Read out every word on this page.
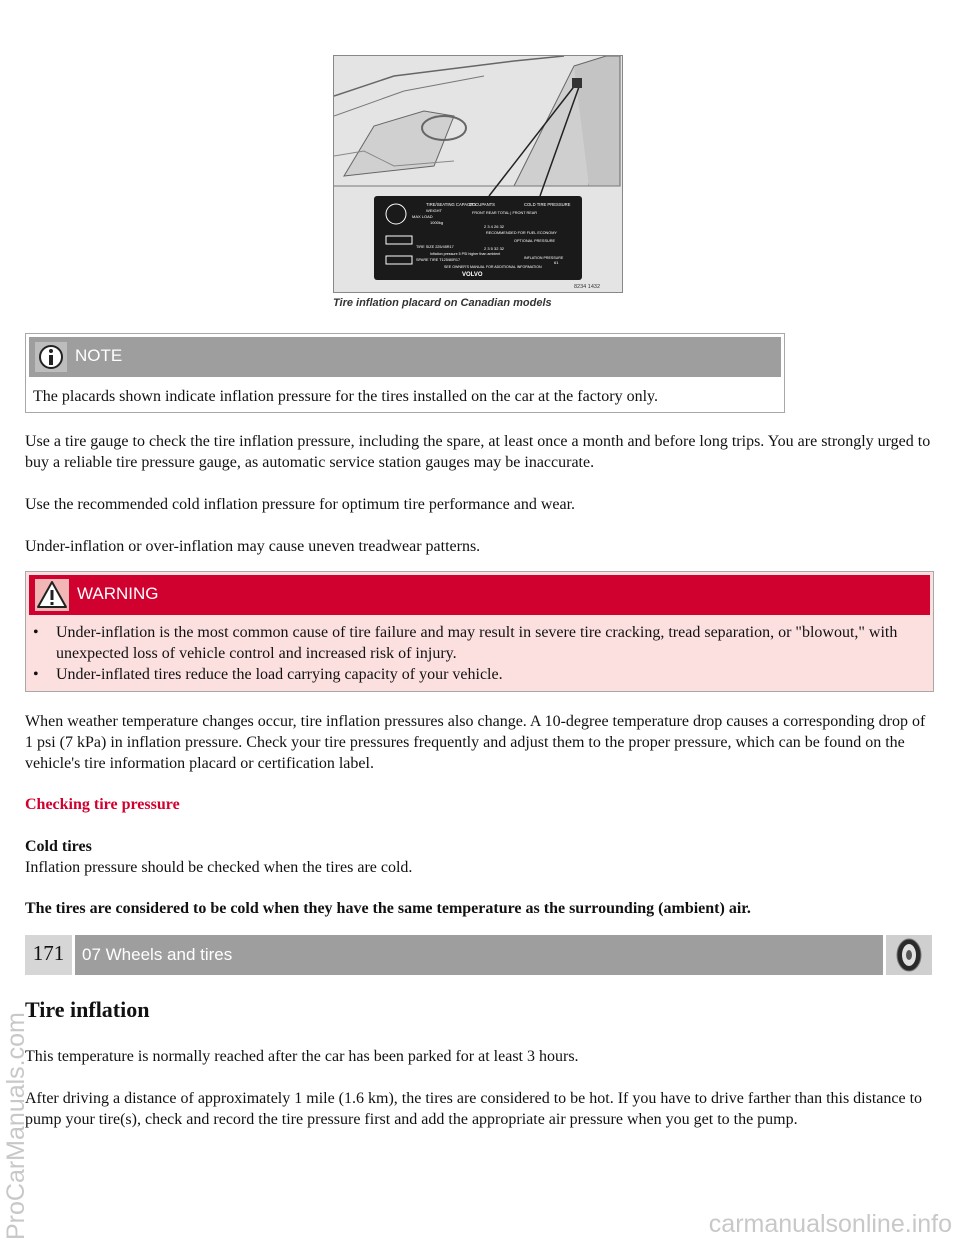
TIRE/SEATING CAPACITY
OCCUPANTS	COLD TIRE PRESSURE
WEIGHT
MAX LOAD
1000kg
FRONT REAR TOTAL | FRONT REAR
2 3 4 26 32
RECOMMENDED FOR FUEL ECONOMY
OPTIONAL PRESSURE
TIRE SIZE 225/45R17	2 3 5 32 32
Inflation pressure 5 PSI higher than ambient
SPARE TIRE T125/80R17	INFLATION PRESSURE
61
SEE OWNER'S MANUAL FOR ADDITIONAL INFORMATION
VOLVO
8234 1432
Tire inflation placard on Canadian models
NOTE

The placards shown indicate inflation pressure for the tires installed on the car at the factory only.

Use a tire gauge to check the tire inflation pressure, including the spare, at least once a month and before long trips. You are strongly urged to buy a reliable tire pressure gauge, as automatic service station gauges may be inaccurate.

Use the recommended cold inflation pressure for optimum tire performance and wear.

Under-inflation or over-inflation may cause uneven treadwear patterns.

WARNING
• Under-inflation is the most common cause of tire failure and may result in severe tire cracking, tread separation, or "blowout," with unexpected loss of vehicle control and increased risk of injury.
• Under-inflated tires reduce the load carrying capacity of your vehicle.

When weather temperature changes occur, tire inflation pressures also change. A 10-degree temperature drop causes a corresponding drop of 1 psi (7 kPa) in inflation pressure. Check your tire pressures frequently and adjust them to the proper pressure, which can be found on the vehicle's tire information placard or certification label.

Checking tire pressure

Cold tires

Inflation pressure should be checked when the tires are cold.

The tires are considered to be cold when they have the same temperature as the surrounding (ambient) air.

171	07 Wheels and tires
Tire inflation

This temperature is normally reached after the car has been parked for at least 3 hours.

After driving a distance of approximately 1 mile (1.6 km), the tires are considered to be hot. If you have to drive farther than this distance to pump your tire(s), check and record the tire pressure first and add the appropriate air pressure when you get to the pump.

ProCarManuals.com	carmanualsonline.info
